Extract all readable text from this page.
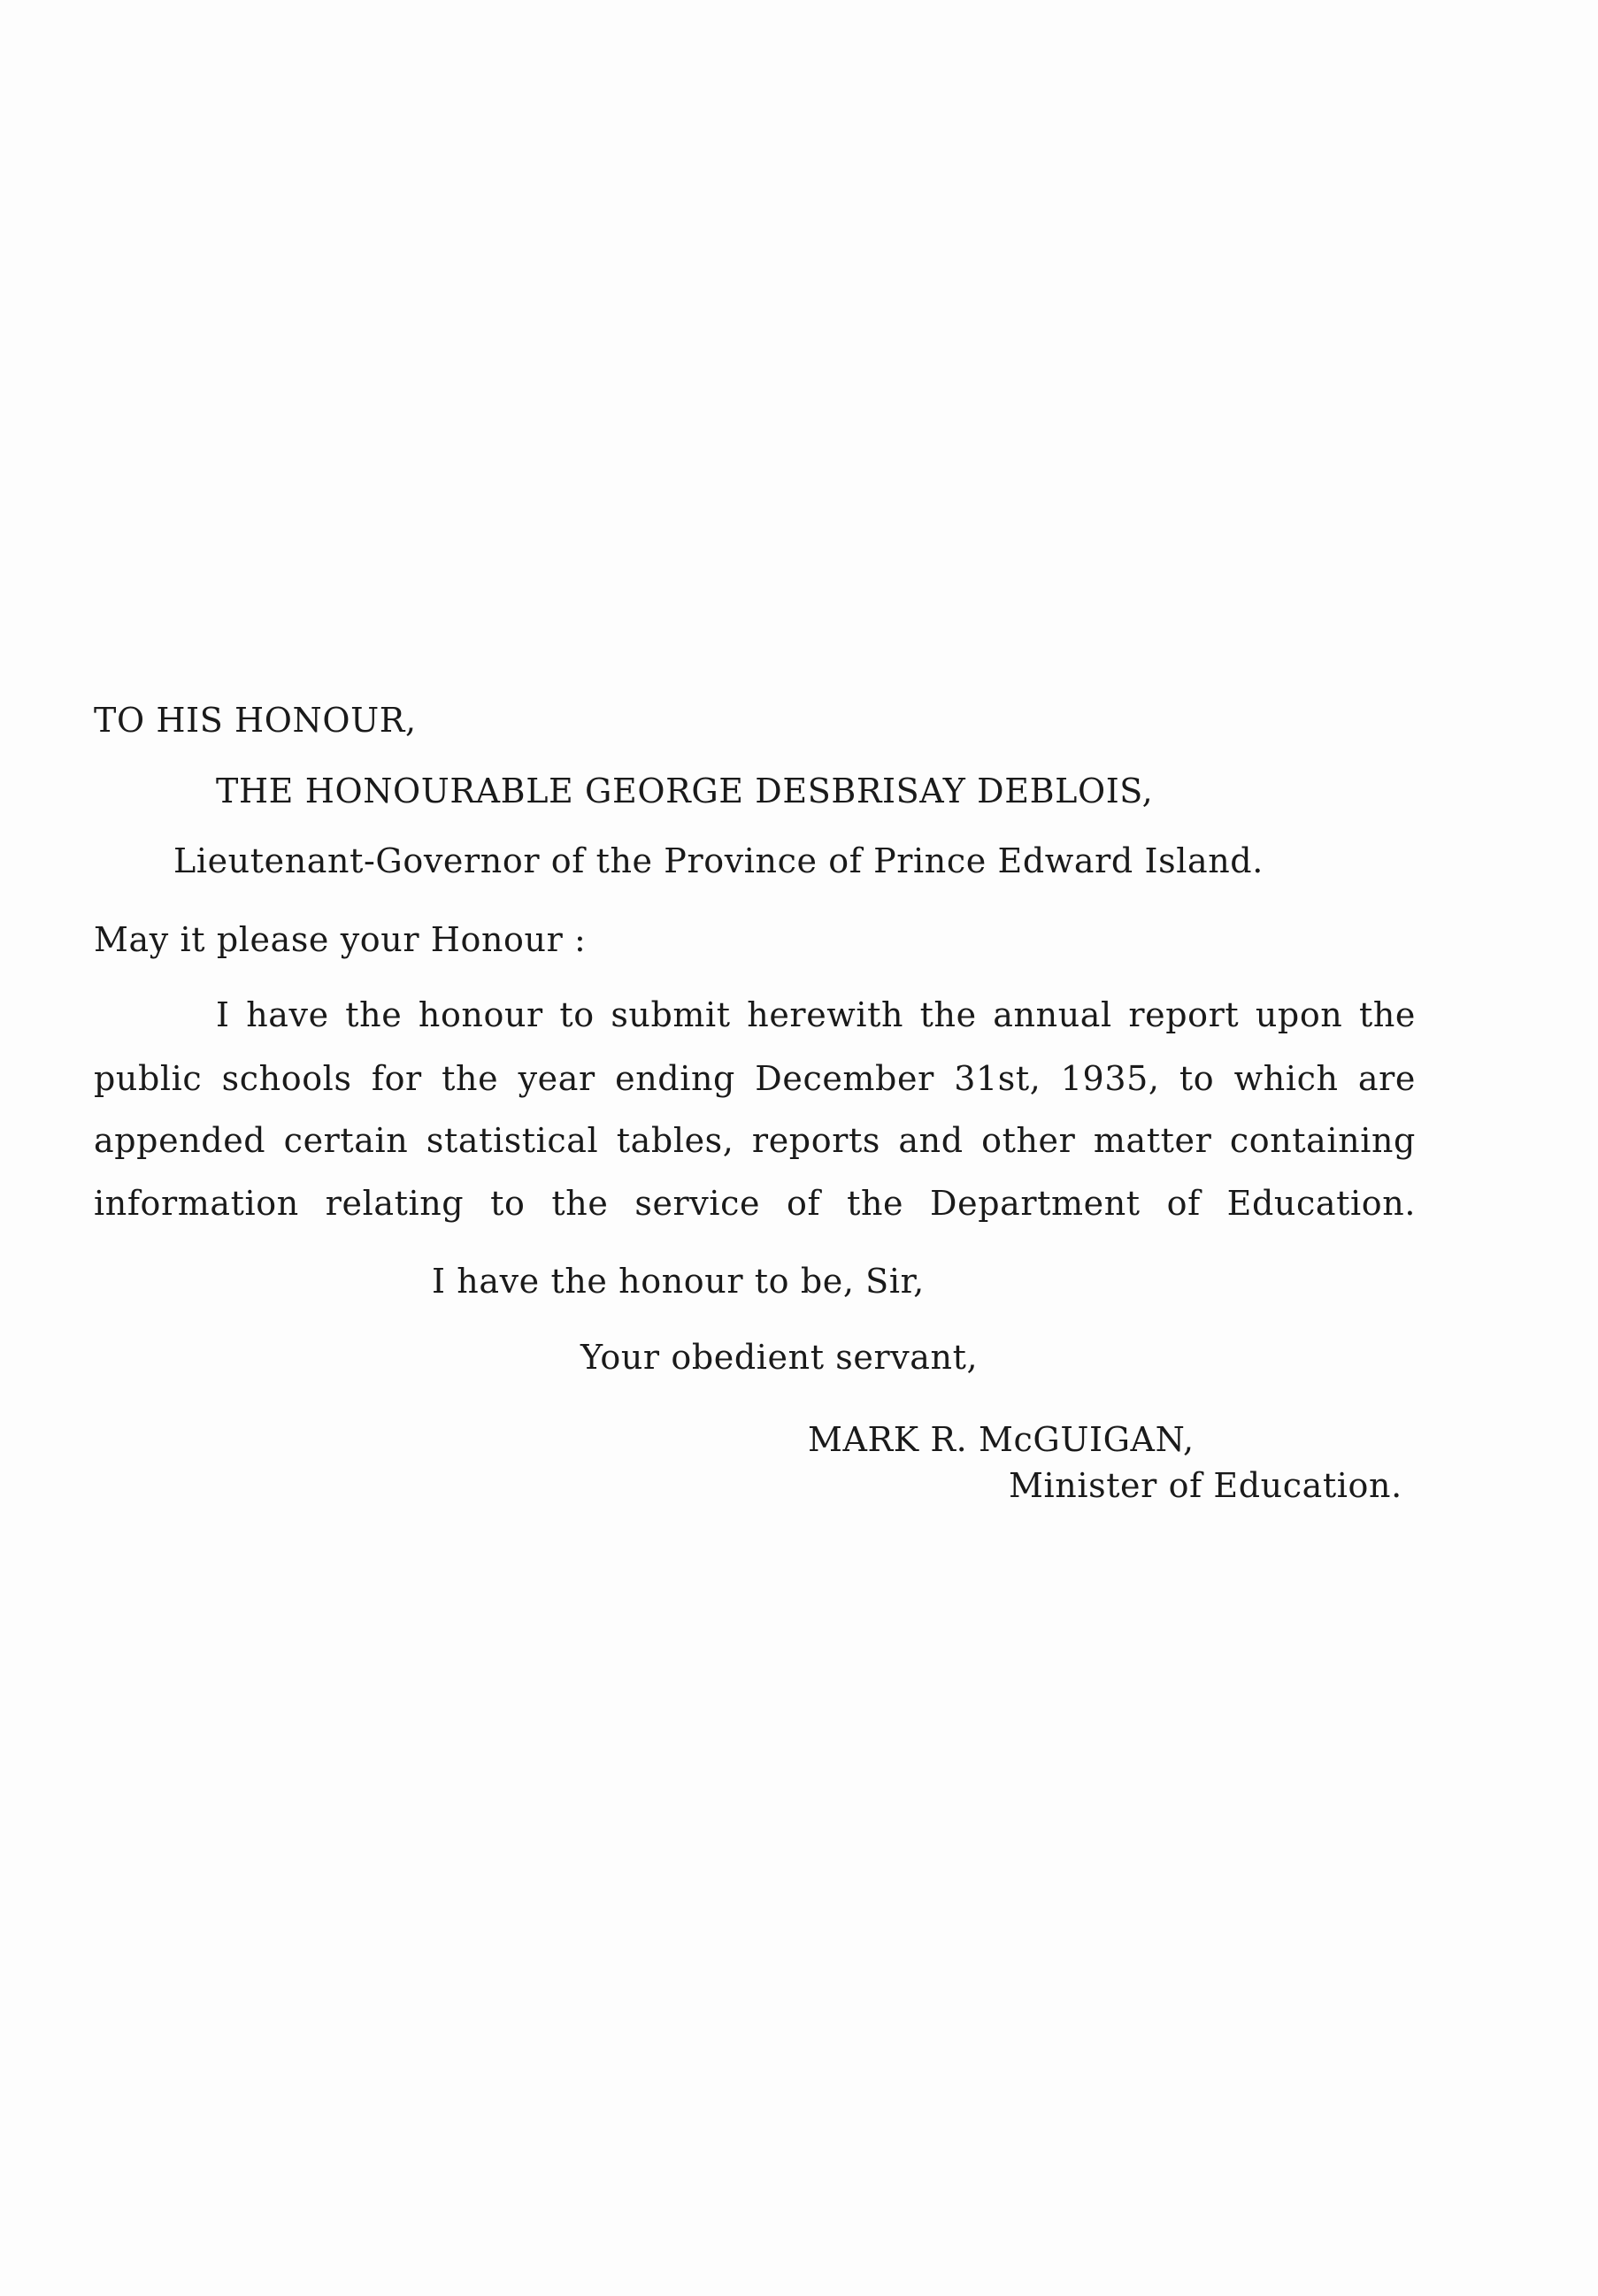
TO HIS HONOUR,
THE HONOURABLE GEORGE DESBRISAY DEBLOIS,
Lieutenant-Governor of the Province of Prince Edward Island.
May it please your Honour :
I have the honour to submit herewith the annual report upon the
public schools for the year ending December 31st, 1935, to which are
appended certain statistical tables, reports and other matter containing
information relating to the service of the Department of Education.
I have the honour to be, Sir,
Your obedient servant,
MARK R. McGUIGAN,
Minister of Education.
